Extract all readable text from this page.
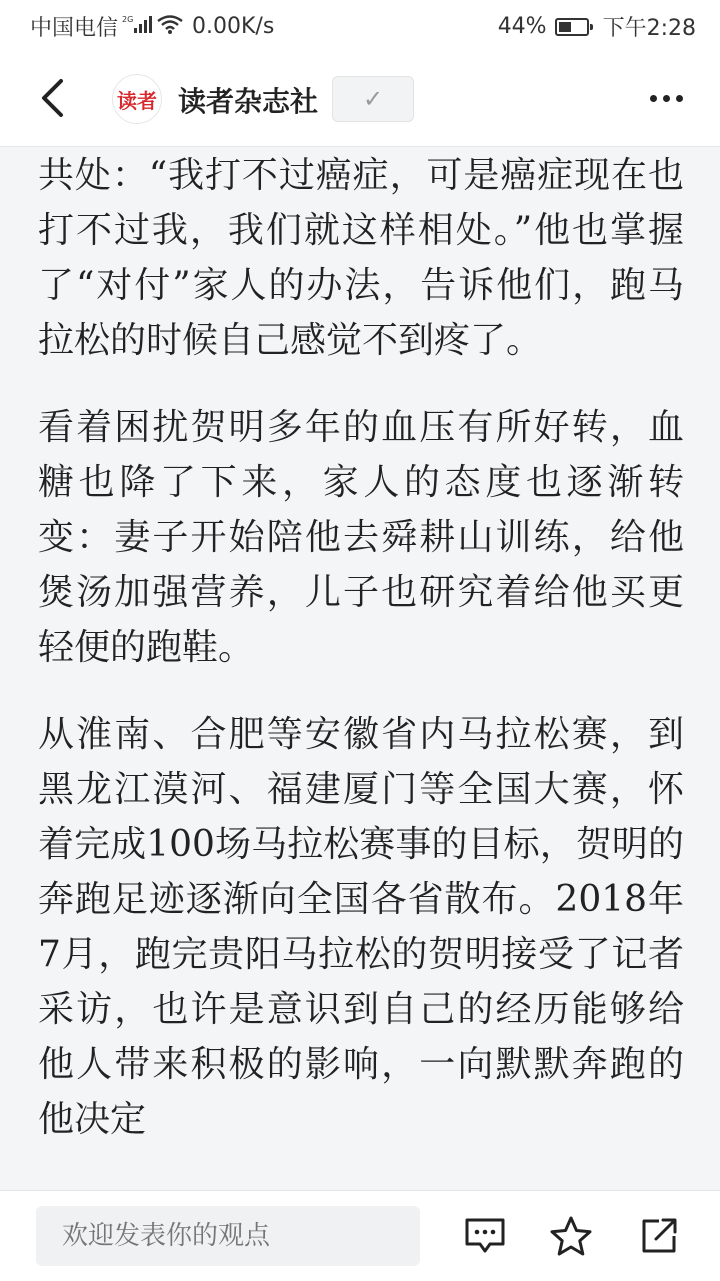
中国电信 2G	0.00K/s	44%	下午2:28
读者 读者杂志社 ✓

共处：“我打不过癌症，可是癌症现在也打不过我，我们就这样相处。”他也掌握了“对付”家人的办法，告诉他们，跑马拉松的时候自己感觉不到疼了。

看着困扰贺明多年的血压有所好转，血糖也降了下来，家人的态度也逐渐转变：妻子开始陪他去舜耕山训练，给他煲汤加强营养，儿子也研究着给他买更轻便的跑鞋。

从淮南、合肥等安徽省内马拉松赛，到黑龙江漠河、福建厦门等全国大赛，怀着完成100场马拉松赛事的目标，贺明的奔跑足迹逐渐向全国各省散布。2018年7月，跑完贵阳马拉松的贺明接受了记者采访，也许是意识到自己的经历能够给他人带来积极的影响，一向默默奔跑的他决定

欢迎发表你的观点
